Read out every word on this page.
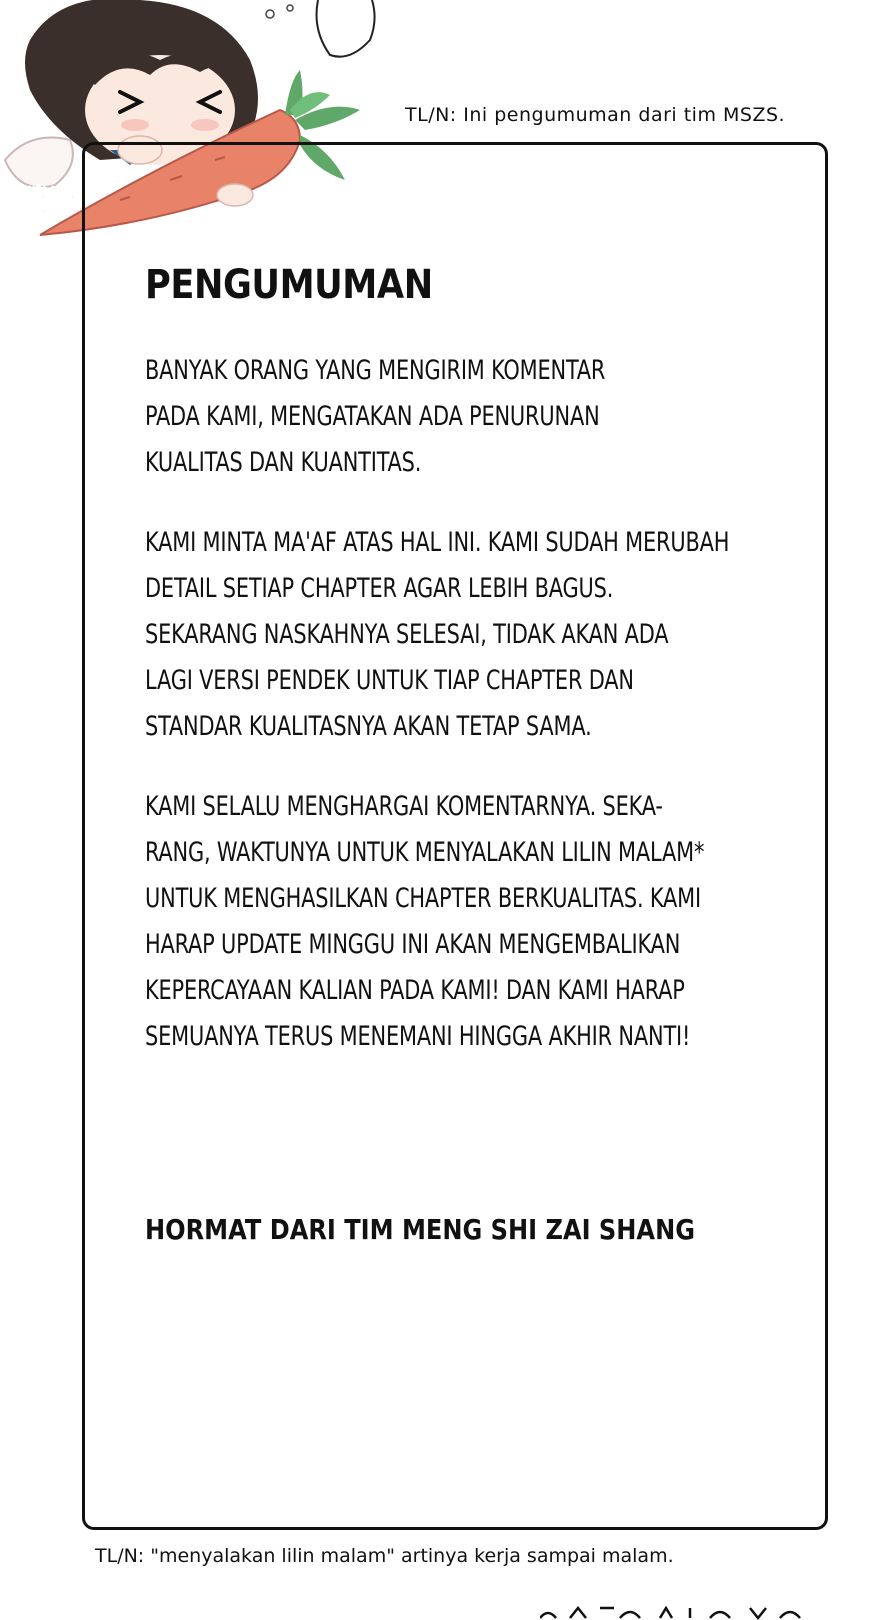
呜呜
TL/N: Ini pengumuman dari tim MSZS.
PENGUMUMAN
BANYAK ORANG YANG MENGIRIM KOMENTAR
PADA KAMI, MENGATAKAN ADA PENURUNAN
KUALITAS DAN KUANTITAS.
KAMI MINTA MA'AF ATAS HAL INI. KAMI SUDAH MERUBAH
DETAIL SETIAP CHAPTER AGAR LEBIH BAGUS.
SEKARANG NASKAHNYA SELESAI, TIDAK AKAN ADA
LAGI VERSI PENDEK UNTUK TIAP CHAPTER DAN
STANDAR KUALITASNYA AKAN TETAP SAMA.
KAMI SELALU MENGHARGAI KOMENTARNYA. SEKA-
RANG, WAKTUNYA UNTUK MENYALAKAN LILIN MALAM*
UNTUK MENGHASILKAN CHAPTER BERKUALITAS. KAMI
HARAP UPDATE MINGGU INI AKAN MENGEMBALIKAN
KEPERCAYAAN KALIAN PADA KAMI! DAN KAMI HARAP
SEMUANYA TERUS MENEMANI HINGGA AKHIR NANTI!
HORMAT DARI TIM MENG SHI ZAI SHANG
TL/N: "menyalakan lilin malam" artinya kerja sampai malam.
